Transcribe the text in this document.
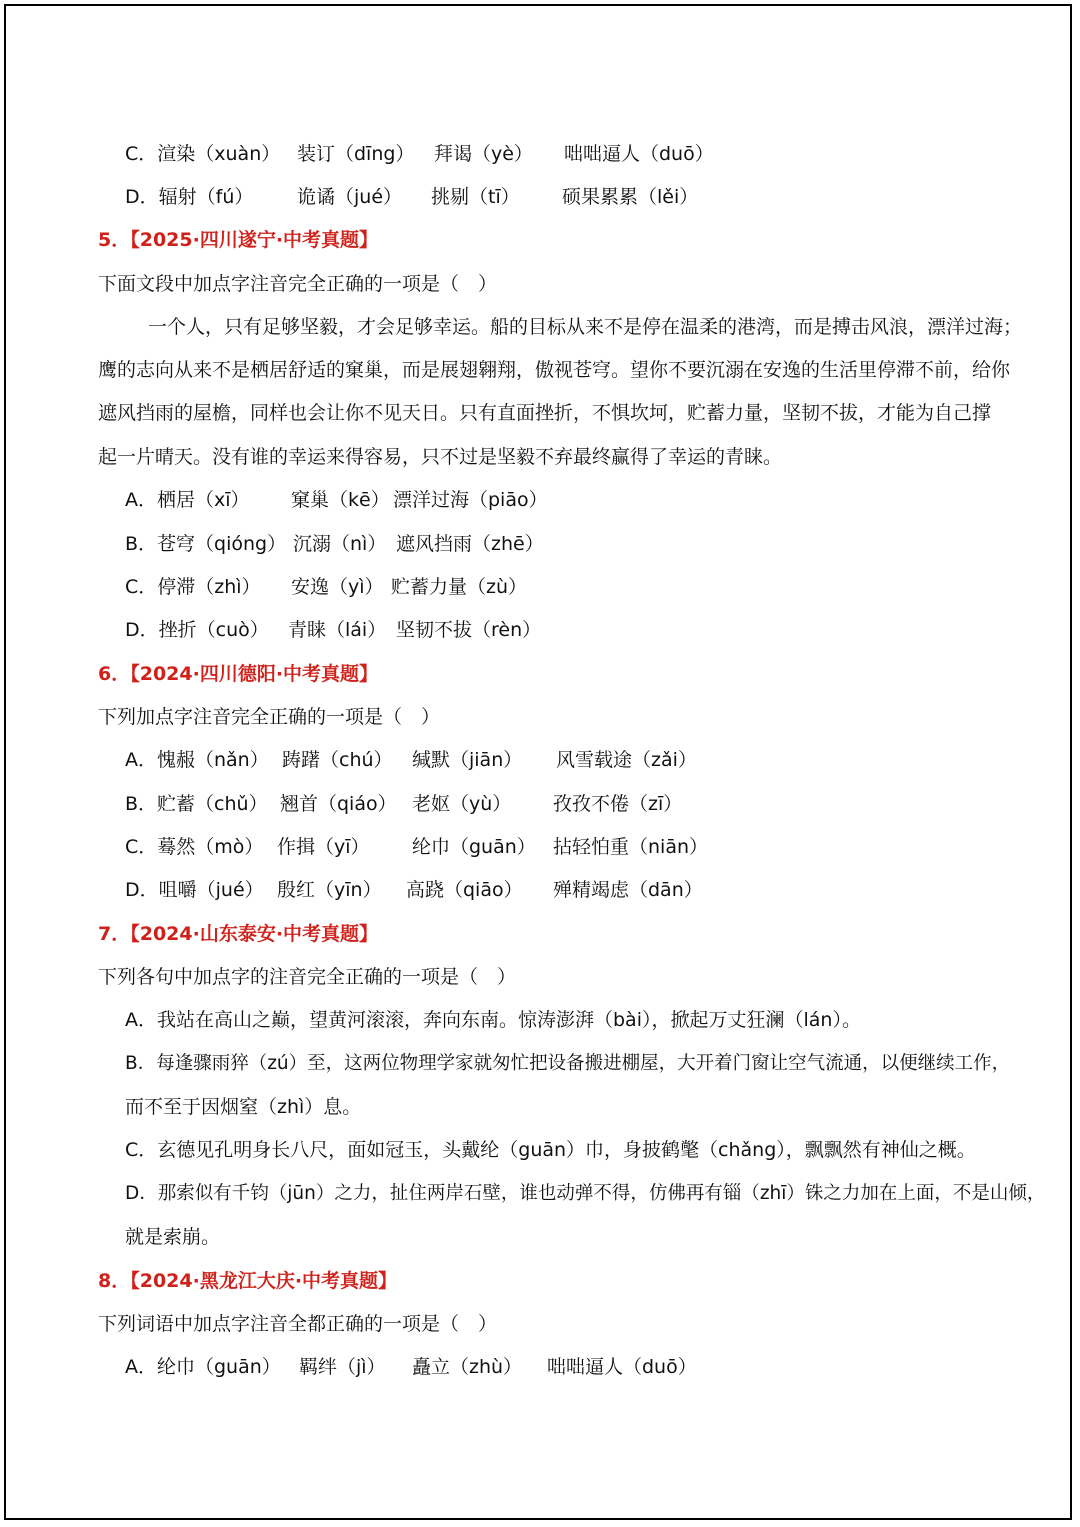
C．渲染（xuàn） 装订（dīng） 拜谒（yè） 咄咄逼人（duō）
D．辐射（fú） 诡谲（jué） 挑剔（tī） 硕果累累（lěi）
5．【2025·四川遂宁·中考真题】
下面文段中加点字注音完全正确的一项是（　）
一个人，只有足够坚毅，才会足够幸运。船的目标从来不是停在温柔的港湾，而是搏击风浪，漂洋过海；
鹰的志向从来不是栖居舒适的窠巢，而是展翅翱翔，傲视苍穹。望你不要沉溺在安逸的生活里停滞不前，给你
遮风挡雨的屋檐，同样也会让你不见天日。只有直面挫折，不惧坎坷，贮蓄力量，坚韧不拔，才能为自己撑
起一片晴天。没有谁的幸运来得容易，只不过是坚毅不弃最终赢得了幸运的青睐。
A．栖居（xī） 窠巢（kē） 漂洋过海（piāo）
B．苍穹（qióng） 沉溺（nì） 遮风挡雨（zhē）
C．停滞（zhì） 安逸（yì） 贮蓄力量（zù）
D．挫折（cuò） 青睐（lái） 坚韧不拔（rèn）
6．【2024·四川德阳·中考真题】
下列加点字注音完全正确的一项是（　）
A．愧赧（nǎn） 踌躇（chú） 缄默（jiān） 风雪载途（zǎi）
B．贮蓄（chǔ） 翘首（qiáo） 老妪（yù） 孜孜不倦（zī）
C．蓦然（mò） 作揖（yī） 纶巾（guān） 拈轻怕重（niān）
D．咀嚼（jué） 殷红（yīn） 高跷（qiāo） 殚精竭虑（dān）
7．【2024·山东泰安·中考真题】
下列各句中加点字的注音完全正确的一项是（　）
A．我站在高山之巅，望黄河滚滚，奔向东南。惊涛澎湃（bài），掀起万丈狂澜（lán）。
B．每逢骤雨猝（zú）至，这两位物理学家就匆忙把设备搬进棚屋，大开着门窗让空气流通，以便继续工作，
而不至于因烟窒（zhì）息。
C．玄德见孔明身长八尺，面如冠玉，头戴纶（guān）巾，身披鹤氅（chǎng），飘飘然有神仙之概。
D．那索似有千钧（jūn）之力，扯住两岸石壁，谁也动弹不得，仿佛再有锱（zhī）铢之力加在上面，不是山倾，
就是索崩。
8．【2024·黑龙江大庆·中考真题】
下列词语中加点字注音全都正确的一项是（　）
A．纶巾（guān） 羁绊（jì） 矗立（zhù） 咄咄逼人（duō）
